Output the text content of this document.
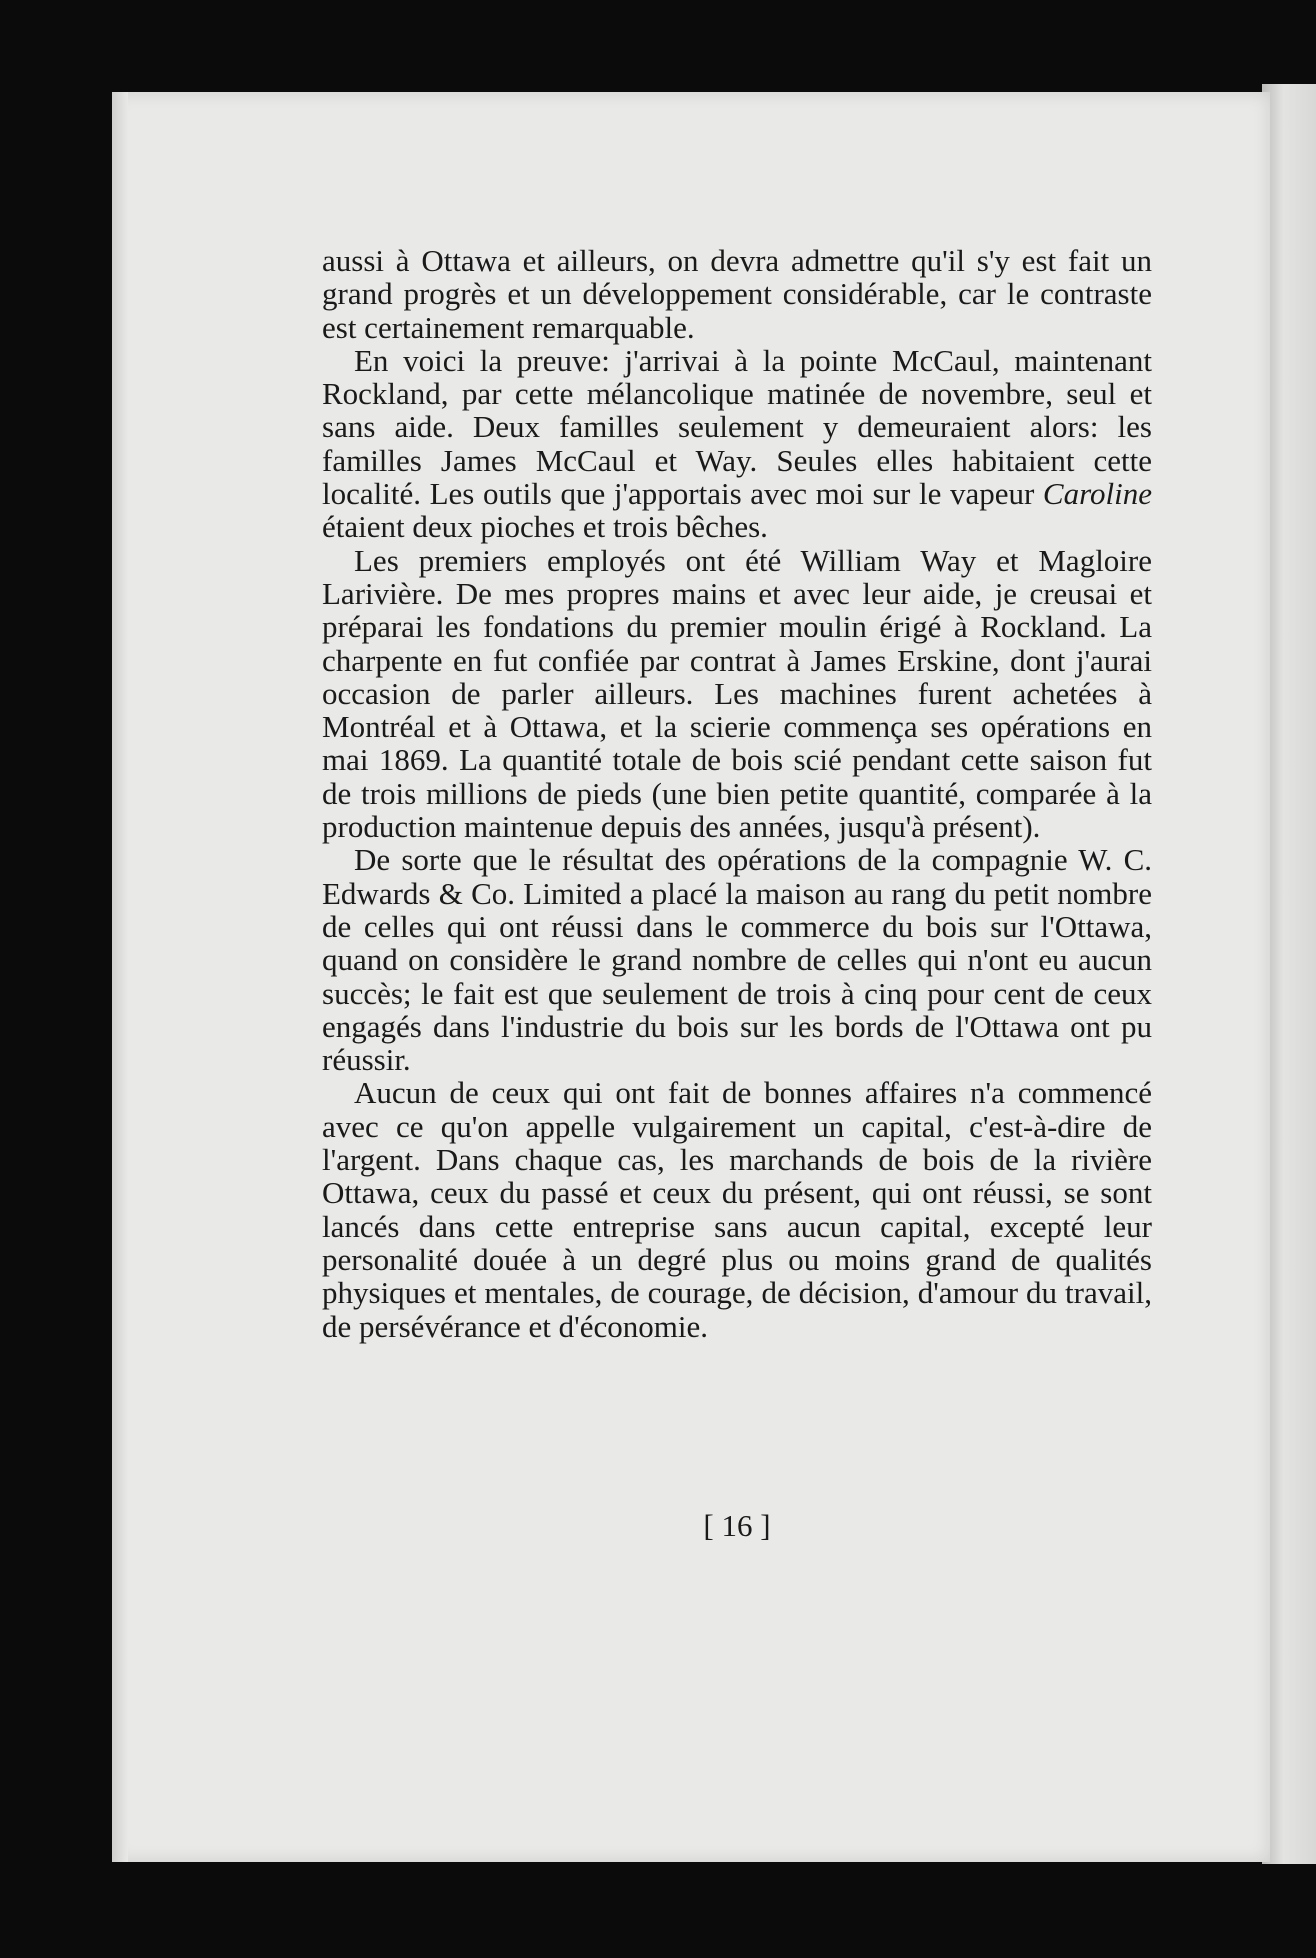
aussi à Ottawa et ailleurs, on devra admettre qu'il s'y est fait un grand progrès et un développement considérable, car le contraste est certainement remarquable.

En voici la preuve: j'arrivai à la pointe McCaul, maintenant Rockland, par cette mélancolique matinée de novembre, seul et sans aide. Deux familles seulement y demeuraient alors: les familles James McCaul et Way. Seules elles habitaient cette localité. Les outils que j'apportais avec moi sur le vapeur Caroline étaient deux pioches et trois bêches.

Les premiers employés ont été William Way et Magloire Larivière. De mes propres mains et avec leur aide, je creusai et préparai les fondations du premier moulin érigé à Rockland. La charpente en fut confiée par contrat à James Erskine, dont j'aurai occasion de parler ailleurs. Les machines furent achetées à Montréal et à Ottawa, et la scierie commença ses opérations en mai 1869. La quantité totale de bois scié pendant cette saison fut de trois millions de pieds (une bien petite quantité, comparée à la production maintenue depuis des années, jusqu'à présent).

De sorte que le résultat des opérations de la compagnie W. C. Edwards & Co. Limited a placé la maison au rang du petit nombre de celles qui ont réussi dans le commerce du bois sur l'Ottawa, quand on considère le grand nombre de celles qui n'ont eu aucun succès; le fait est que seulement de trois à cinq pour cent de ceux engagés dans l'industrie du bois sur les bords de l'Ottawa ont pu réussir.

Aucun de ceux qui ont fait de bonnes affaires n'a commencé avec ce qu'on appelle vulgairement un capital, c'est-à-dire de l'argent. Dans chaque cas, les marchands de bois de la rivière Ottawa, ceux du passé et ceux du présent, qui ont réussi, se sont lancés dans cette entreprise sans aucun capital, excepté leur personalité douée à un degré plus ou moins grand de qualités physiques et mentales, de courage, de décision, d'amour du travail, de persévérance et d'économie.

[ 16 ]
